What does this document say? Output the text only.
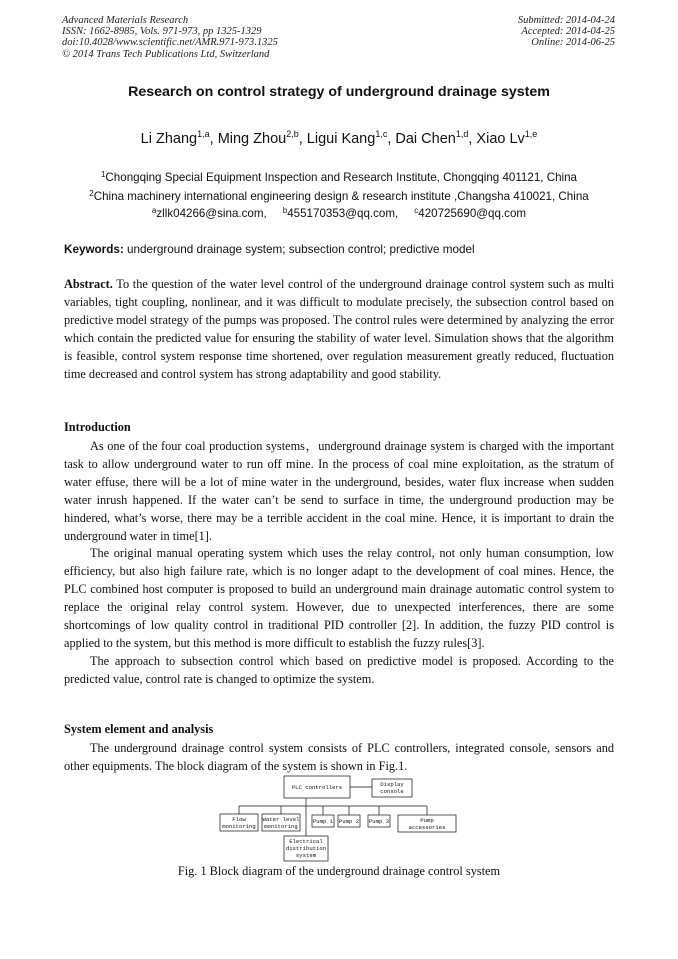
Advanced Materials Research
ISSN: 1662-8985, Vols. 971-973, pp 1325-1329
doi:10.4028/www.scientific.net/AMR.971-973.1325
© 2014 Trans Tech Publications Ltd, Switzerland
Submitted: 2014-04-24
Accepted: 2014-04-25
Online: 2014-06-25
Research on control strategy of underground drainage system
Li Zhang$^{1,a}$, Ming Zhou$^{2,b}$, Ligui Kang$^{1,c}$, Dai Chen$^{1,d}$, Xiao Lv$^{1,e}$
$^1$Chongqing Special Equipment Inspection and Research Institute, Chongqing 401121, China
$^2$China machinery international engineering design & research institute ,Changsha 410021, China
$^a$zllk04266@sina.com, $^b$455170353@qq.com, $^c$420725690@qq.com
Keywords: underground drainage system; subsection control; predictive model

Abstract. To the question of the water level control of the underground drainage control system such as multi variables, tight coupling, nonlinear, and it was difficult to modulate precisely, the subsection control based on predictive model strategy of the pumps was proposed. The control rules were determined by analyzing the error which contain the predicted value for ensuring the stability of water level. Simulation shows that the algorithm is feasible, control system response time shortened, over regulation measurement greatly reduced, fluctuation time decreased and control system has strong adaptability and good stability.

Introduction

As one of the four coal production systems，underground drainage system is charged with the important task to allow underground water to run off mine. In the process of coal mine exploitation, as the stratum of water effuse, there will be a lot of mine water in the underground, besides, water flux increase when sudden water inrush happened. If the water can’t be send to surface in time, the underground production may be hindered, what’s worse, there may be a terrible accident in the coal mine. Hence, it is important to drain the underground water in time[1].

The original manual operating system which uses the relay control, not only human consumption, low efficiency, but also high failure rate, which is no longer adapt to the development of coal mines. Hence, the PLC combined host computer is proposed to build an underground main drainage automatic control system to replace the original relay control system. However, due to unexpected interferences, there are some shortcomings of low quality control in traditional PID controller [2]. In addition, the fuzzy PID control is applied to the system, but this method is more difficult to establish the fuzzy rules[3].

The approach to subsection control which based on predictive model is proposed. According to the predicted value, control rate is changed to optimize the system.

System element and analysis

The underground drainage control system consists of PLC controllers, integrated console, sensors and other equipments. The block diagram of the system is shown in Fig.1.

PLC controllers	Display
console
Flow
monitoring
Water level
monitoring
Pump 1 Pump 2 Pump 3	Pump
accessories
Electrical
distribution
system
Fig. 1 Block diagram of the underground drainage control system
